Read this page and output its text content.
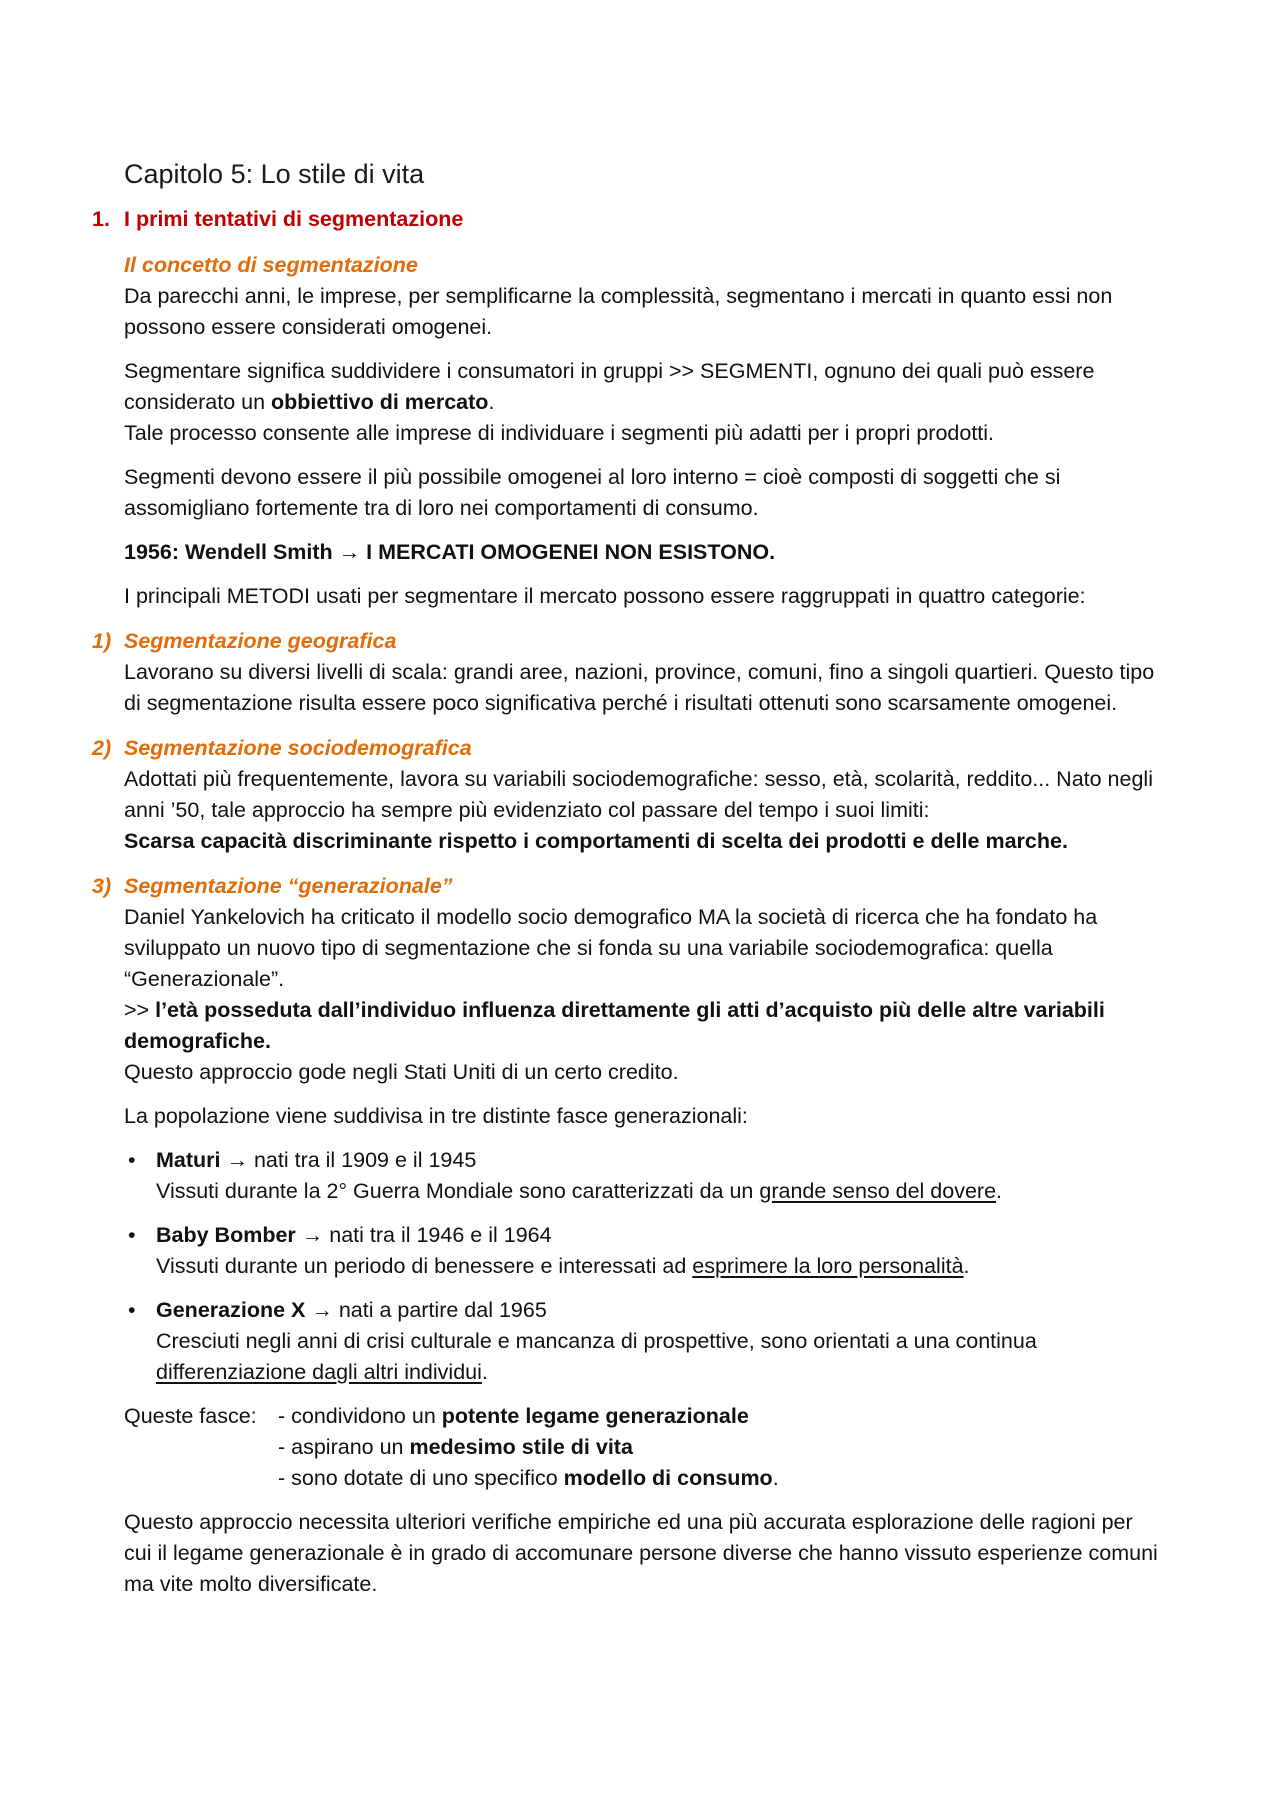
Capitolo 5: Lo stile di vita
1. I primi tentativi di segmentazione
Il concetto di segmentazione

Da parecchi anni, le imprese, per semplificarne la complessità, segmentano i mercati in quanto essi non possono essere considerati omogenei.

Segmentare significa suddividere i consumatori in gruppi >> SEGMENTI, ognuno dei quali può essere considerato un obbiettivo di mercato.
Tale processo consente alle imprese di individuare i segmenti più adatti per i propri prodotti.

Segmenti devono essere il più possibile omogenei al loro interno = cioè composti di soggetti che si assomigliano fortemente tra di loro nei comportamenti di consumo.

1956: Wendell Smith → I MERCATI OMOGENEI NON ESISTONO.

I principali METODI usati per segmentare il mercato possono essere raggruppati in quattro categorie:

1) Segmentazione geografica

Lavorano su diversi livelli di scala: grandi aree, nazioni, province, comuni, fino a singoli quartieri. Questo tipo di segmentazione risulta essere poco significativa perché i risultati ottenuti sono scarsamente omogenei.

2) Segmentazione sociodemografica

Adottati più frequentemente, lavora su variabili sociodemografiche: sesso, età, scolarità, reddito... Nato negli anni ’50, tale approccio ha sempre più evidenziato col passare del tempo i suoi limiti:
Scarsa capacità discriminante rispetto i comportamenti di scelta dei prodotti e delle marche.

3) Segmentazione “generazionale”

Daniel Yankelovich ha criticato il modello socio demografico MA la società di ricerca che ha fondato ha sviluppato un nuovo tipo di segmentazione che si fonda su una variabile sociodemografica: quella “Generazionale”.
>> l’età posseduta dall’individuo influenza direttamente gli atti d’acquisto più delle altre variabili demografiche.
Questo approccio gode negli Stati Uniti di un certo credito.

La popolazione viene suddivisa in tre distinte fasce generazionali:

• Maturi → nati tra il 1909 e il 1945
Vissuti durante la 2° Guerra Mondiale sono caratterizzati da un grande senso del dovere.
• Baby Bomber → nati tra il 1946 e il 1964
Vissuti durante un periodo di benessere e interessati ad esprimere la loro personalità.
• Generazione X → nati a partire dal 1965
Cresciuti negli anni di crisi culturale e mancanza di prospettive, sono orientati a una continua differenziazione dagli altri individui.
Queste fasce: - condividono un potente legame generazionale
- aspirano un medesimo stile di vita
- sono dotate di uno specifico modello di consumo.

Questo approccio necessita ulteriori verifiche empiriche ed una più accurata esplorazione delle ragioni per cui il legame generazionale è in grado di accomunare persone diverse che hanno vissuto esperienze comuni ma vite molto diversificate.
